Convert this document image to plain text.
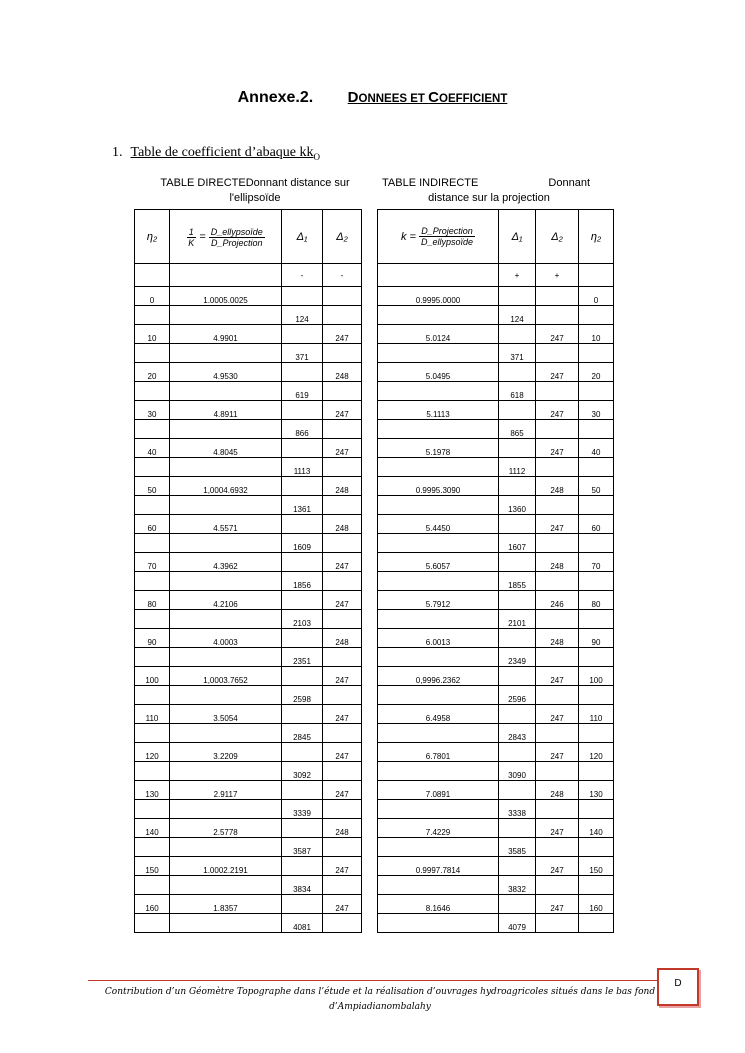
Annexe.2. DONNEES ET COEFFICIENT
1. Table de coefficient d’abaque $kk_O$
TABLE DIRECTEDonnant distance sur
l'ellipsoïde
TABLE INDIRECTE	Donnant
distance sur la projection
η₂	$\frac{1}{K} = \frac{\text{D\_ellypsoïde}}{\text{D\_Projection}}$	Δ₁	Δ₂
		-	-
0	1.0005.0025		
		124	
10	4.9901		247
		371	
20	4.9530		248
		619	
30	4.8911		247
		866	
40	4.8045		247
		1113	
50	1,0004.6932		248
		1361	
60	4.5571		248
		1609	
70	4.3962		247
		1856	
80	4.2106		247
		2103	
90	4.0003		248
		2351	
100	1,0003.7652		247
		2598	
110	3.5054		247
		2845	
120	3.2209		247
		3092	
130	2.9117		247
		3339	
140	2.5778		248
		3587	
150	1.0002.2191		247
		3834	
160	1.8357		247
		4081	
$k = \frac{\text{D\_Projection}}{\text{D\_ellypsoïde}}$	Δ₁	Δ₂	η₂
	+	+	
0.9995.0000			0
	124		
5.0124		247	10
	371		
5.0495		247	20
	618		
5.1113		247	30
	865		
5.1978		247	40
	1112		
0.9995.3090		248	50
	1360		
5.4450		247	60
	1607		
5.6057		248	70
	1855		
5.7912		246	80
	2101		
6.0013		248	90
	2349		
0,9996.2362		247	100
	2596		
6.4958		247	110
	2843		
6.7801		247	120
	3090		
7.0891		248	130
	3338		
7.4229		247	140
	3585		
0.9997.7814		247	150
	3832		
8.1646		247	160
	4079		
Contribution d’un Géomètre Topographe dans l’étude et la réalisation d’ouvrages hydroagricoles situés dans le bas fond
d’Ampiadianombalahy
D
